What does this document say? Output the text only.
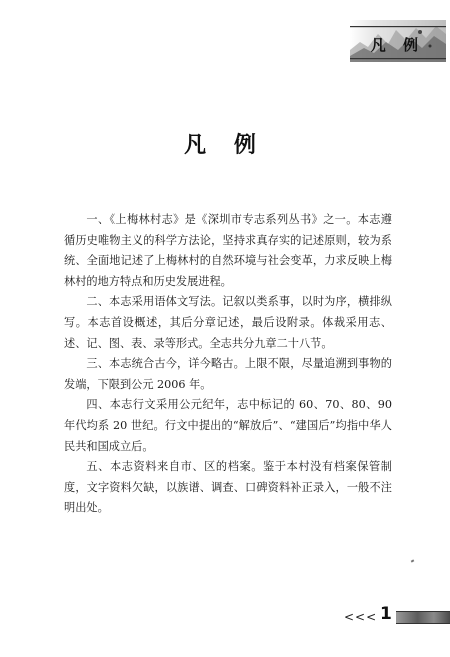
凡 例
凡 例

一、《上梅林村志》是《深圳市专志系列丛书》之一。本志遵循历史唯物主义的科学方法论，坚持求真存实的记述原则，较为系统、全面地记述了上梅林村的自然环境与社会变革，力求反映上梅林村的地方特点和历史发展进程。

二、本志采用语体文写法。记叙以类系事，以时为序，横排纵写。本志首设概述，其后分章记述，最后设附录。体裁采用志、述、记、图、表、录等形式。全志共分九章二十八节。

三、本志统合古今，详今略古。上限不限，尽量追溯到事物的发端，下限到公元 2006 年。

四、本志行文采用公元纪年，志中标记的 60、70、80、90 年代均系 20 世纪。行文中提出的“解放后”、“建国后”均指中华人民共和国成立后。

五、本志资料来自市、区的档案。鉴于本村没有档案保管制度，文字资料欠缺，以族谱、调查、口碑资料补正录入，一般不注明出处。

<<< 1
